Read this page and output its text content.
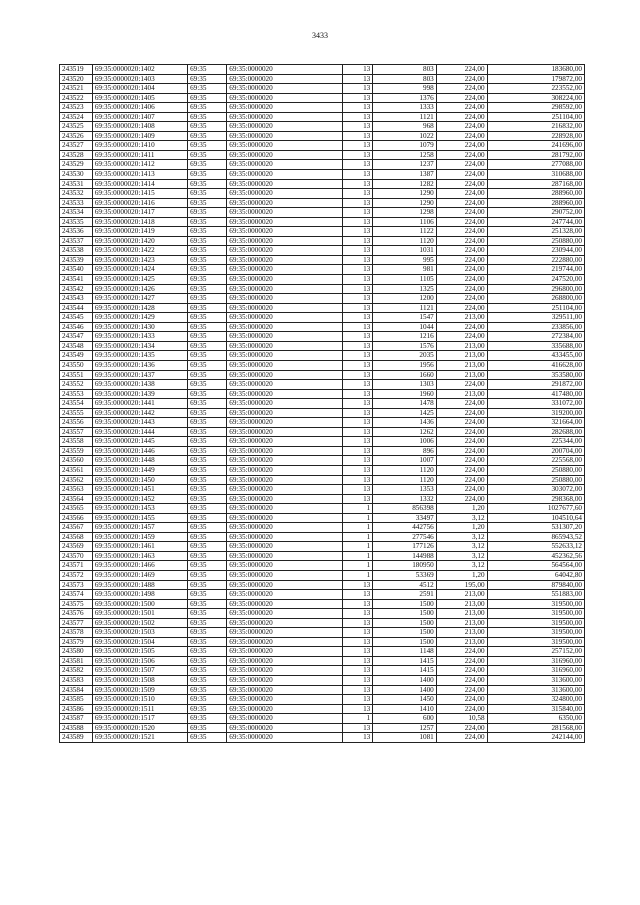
3433
243519	69:35:0000020:1402	69:35	69:35:0000020	13	803	224,00	183680,00
243520	69:35:0000020:1403	69:35	69:35:0000020	13	803	224,00	179872,00
243521	69:35:0000020:1404	69:35	69:35:0000020	13	998	224,00	223552,00
243522	69:35:0000020:1405	69:35	69:35:0000020	13	1376	224,00	308224,00
243523	69:35:0000020:1406	69:35	69:35:0000020	13	1333	224,00	298592,00
243524	69:35:0000020:1407	69:35	69:35:0000020	13	1121	224,00	251104,00
243525	69:35:0000020:1408	69:35	69:35:0000020	13	968	224,00	216832,00
243526	69:35:0000020:1409	69:35	69:35:0000020	13	1022	224,00	228928,00
243527	69:35:0000020:1410	69:35	69:35:0000020	13	1079	224,00	241696,00
243528	69:35:0000020:1411	69:35	69:35:0000020	13	1258	224,00	281792,00
243529	69:35:0000020:1412	69:35	69:35:0000020	13	1237	224,00	277088,00
243530	69:35:0000020:1413	69:35	69:35:0000020	13	1387	224,00	310688,00
243531	69:35:0000020:1414	69:35	69:35:0000020	13	1282	224,00	287168,00
243532	69:35:0000020:1415	69:35	69:35:0000020	13	1290	224,00	288960,00
243533	69:35:0000020:1416	69:35	69:35:0000020	13	1290	224,00	288960,00
243534	69:35:0000020:1417	69:35	69:35:0000020	13	1298	224,00	290752,00
243535	69:35:0000020:1418	69:35	69:35:0000020	13	1106	224,00	247744,00
243536	69:35:0000020:1419	69:35	69:35:0000020	13	1122	224,00	251328,00
243537	69:35:0000020:1420	69:35	69:35:0000020	13	1120	224,00	250880,00
243538	69:35:0000020:1422	69:35	69:35:0000020	13	1031	224,00	230944,00
243539	69:35:0000020:1423	69:35	69:35:0000020	13	995	224,00	222880,00
243540	69:35:0000020:1424	69:35	69:35:0000020	13	981	224,00	219744,00
243541	69:35:0000020:1425	69:35	69:35:0000020	13	1105	224,00	247520,00
243542	69:35:0000020:1426	69:35	69:35:0000020	13	1325	224,00	296800,00
243543	69:35:0000020:1427	69:35	69:35:0000020	13	1200	224,00	268800,00
243544	69:35:0000020:1428	69:35	69:35:0000020	13	1121	224,00	251104,00
243545	69:35:0000020:1429	69:35	69:35:0000020	13	1547	213,00	329511,00
243546	69:35:0000020:1430	69:35	69:35:0000020	13	1044	224,00	233856,00
243547	69:35:0000020:1433	69:35	69:35:0000020	13	1216	224,00	272384,00
243548	69:35:0000020:1434	69:35	69:35:0000020	13	1576	213,00	335688,00
243549	69:35:0000020:1435	69:35	69:35:0000020	13	2035	213,00	433455,00
243550	69:35:0000020:1436	69:35	69:35:0000020	13	1956	213,00	416628,00
243551	69:35:0000020:1437	69:35	69:35:0000020	13	1660	213,00	353580,00
243552	69:35:0000020:1438	69:35	69:35:0000020	13	1303	224,00	291872,00
243553	69:35:0000020:1439	69:35	69:35:0000020	13	1960	213,00	417480,00
243554	69:35:0000020:1441	69:35	69:35:0000020	13	1478	224,00	331072,00
243555	69:35:0000020:1442	69:35	69:35:0000020	13	1425	224,00	319200,00
243556	69:35:0000020:1443	69:35	69:35:0000020	13	1436	224,00	321664,00
243557	69:35:0000020:1444	69:35	69:35:0000020	13	1262	224,00	282688,00
243558	69:35:0000020:1445	69:35	69:35:0000020	13	1006	224,00	225344,00
243559	69:35:0000020:1446	69:35	69:35:0000020	13	896	224,00	200704,00
243560	69:35:0000020:1448	69:35	69:35:0000020	13	1007	224,00	225568,00
243561	69:35:0000020:1449	69:35	69:35:0000020	13	1120	224,00	250880,00
243562	69:35:0000020:1450	69:35	69:35:0000020	13	1120	224,00	250880,00
243563	69:35:0000020:1451	69:35	69:35:0000020	13	1353	224,00	303072,00
243564	69:35:0000020:1452	69:35	69:35:0000020	13	1332	224,00	298368,00
243565	69:35:0000020:1453	69:35	69:35:0000020	1	856398	1,20	1027677,60
243566	69:35:0000020:1455	69:35	69:35:0000020	1	33497	3,12	104510,64
243567	69:35:0000020:1457	69:35	69:35:0000020	1	442756	1,20	531307,20
243568	69:35:0000020:1459	69:35	69:35:0000020	1	277546	3,12	865943,52
243569	69:35:0000020:1461	69:35	69:35:0000020	1	177126	3,12	552633,12
243570	69:35:0000020:1463	69:35	69:35:0000020	1	144988	3,12	452362,56
243571	69:35:0000020:1466	69:35	69:35:0000020	1	180950	3,12	564564,00
243572	69:35:0000020:1469	69:35	69:35:0000020	1	53369	1,20	64042,80
243573	69:35:0000020:1488	69:35	69:35:0000020	13	4512	195,00	879840,00
243574	69:35:0000020:1498	69:35	69:35:0000020	13	2591	213,00	551883,00
243575	69:35:0000020:1500	69:35	69:35:0000020	13	1500	213,00	319500,00
243576	69:35:0000020:1501	69:35	69:35:0000020	13	1500	213,00	319500,00
243577	69:35:0000020:1502	69:35	69:35:0000020	13	1500	213,00	319500,00
243578	69:35:0000020:1503	69:35	69:35:0000020	13	1500	213,00	319500,00
243579	69:35:0000020:1504	69:35	69:35:0000020	13	1500	213,00	319500,00
243580	69:35:0000020:1505	69:35	69:35:0000020	13	1148	224,00	257152,00
243581	69:35:0000020:1506	69:35	69:35:0000020	13	1415	224,00	316960,00
243582	69:35:0000020:1507	69:35	69:35:0000020	13	1415	224,00	316960,00
243583	69:35:0000020:1508	69:35	69:35:0000020	13	1400	224,00	313600,00
243584	69:35:0000020:1509	69:35	69:35:0000020	13	1400	224,00	313600,00
243585	69:35:0000020:1510	69:35	69:35:0000020	13	1450	224,00	324800,00
243586	69:35:0000020:1511	69:35	69:35:0000020	13	1410	224,00	315840,00
243587	69:35:0000020:1517	69:35	69:35:0000020	1	600	10,58	6350,00
243588	69:35:0000020:1520	69:35	69:35:0000020	13	1257	224,00	281568,00
243589	69:35:0000020:1521	69:35	69:35:0000020	13	1081	224,00	242144,00
